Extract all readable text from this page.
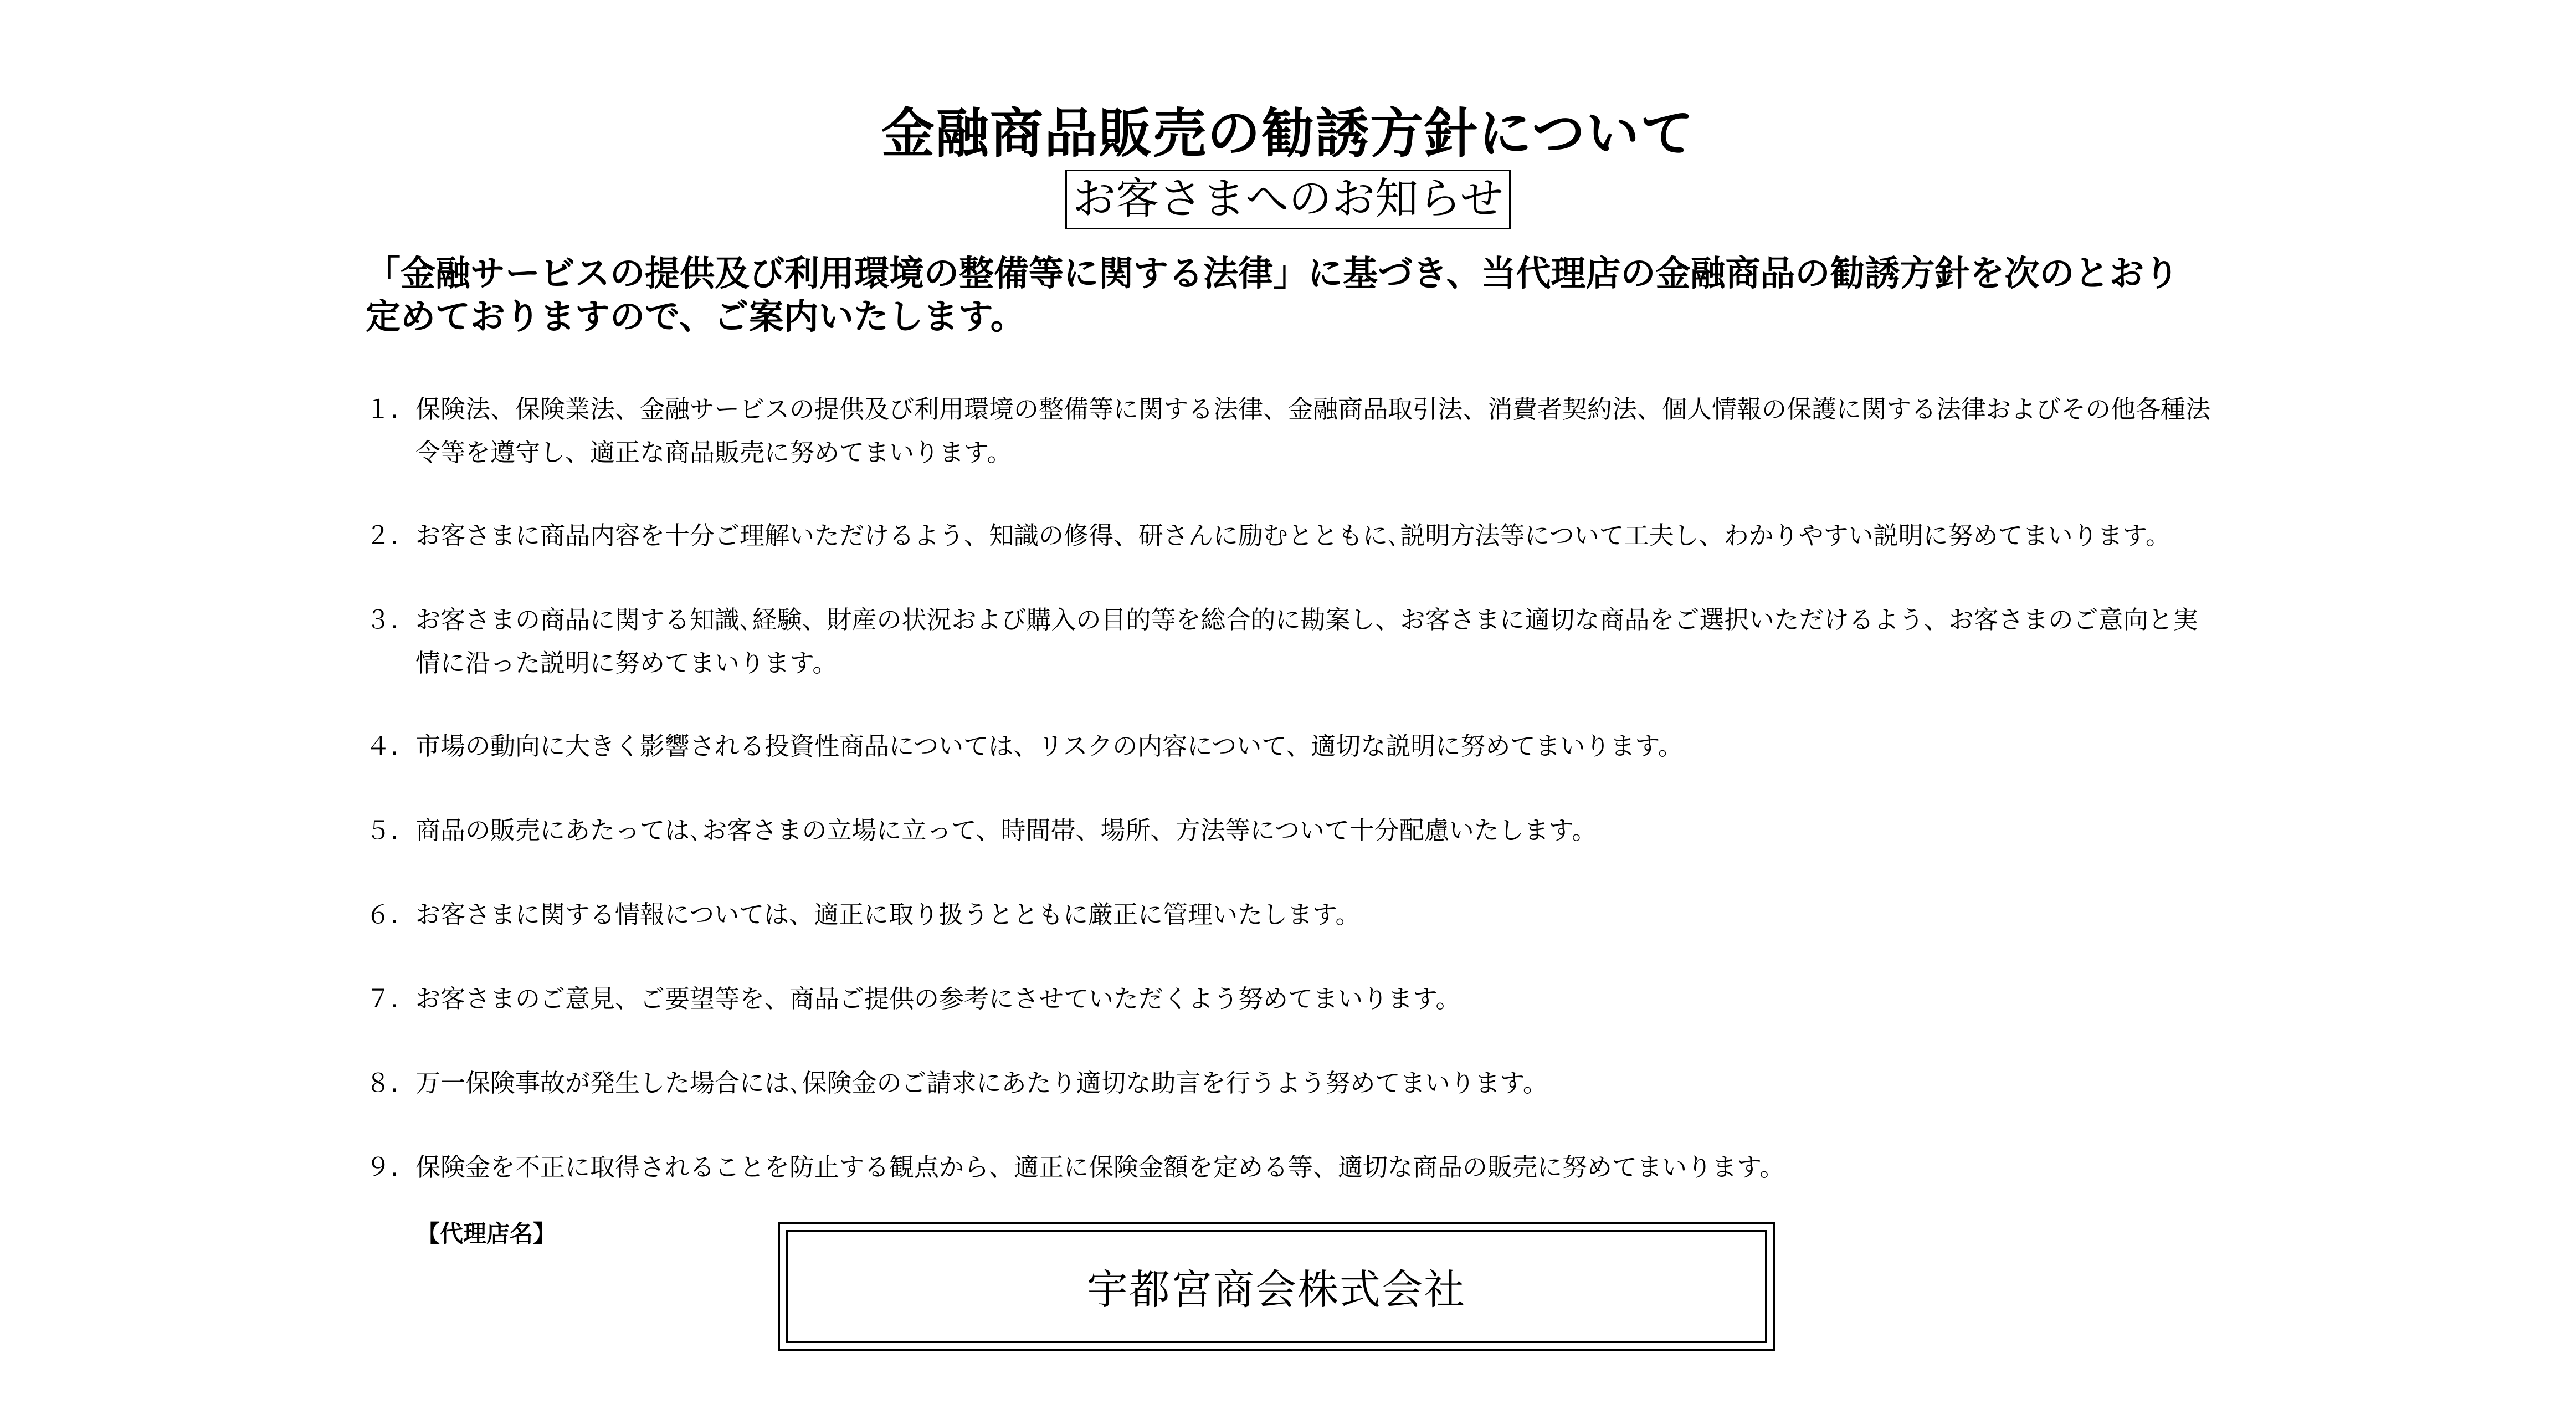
金融商品販売の勧誘方針について
お客さまへのお知らせ

「金融サービスの提供及び利用環境の整備等に関する法律」に基づき、当代理店の金融商品の勧誘方針を次のとおり定めておりますので、ご案内いたします。

１. 保険法、保険業法、金融サービスの提供及び利用環境の整備等に関する法律、金融商品取引法、消費者契約法、個人情報の保護に関する法律およびその他各種法令等を遵守し、適正な商品販売に努めてまいります。
２. お客さまに商品内容を十分ご理解いただけるよう、知識の修得、研さんに励むとともに､説明方法等について工夫し、わかりやすい説明に努めてまいります。
３. お客さまの商品に関する知識､経験、財産の状況および購入の目的等を総合的に勘案し、お客さまに適切な商品をご選択いただけるよう、お客さまのご意向と実情に沿った説明に努めてまいります。
４. 市場の動向に大きく影響される投資性商品については、リスクの内容について、適切な説明に努めてまいります。
５. 商品の販売にあたっては､お客さまの立場に立って、時間帯、場所、方法等について十分配慮いたします。
６. お客さまに関する情報については、適正に取り扱うとともに厳正に管理いたします。
７. お客さまのご意見、ご要望等を、商品ご提供の参考にさせていただくよう努めてまいります。
８. 万一保険事故が発生した場合には､保険金のご請求にあたり適切な助言を行うよう努めてまいります。
９. 保険金を不正に取得されることを防止する観点から、適正に保険金額を定める等、適切な商品の販売に努めてまいります。
【代理店名】
宇都宮商会株式会社
